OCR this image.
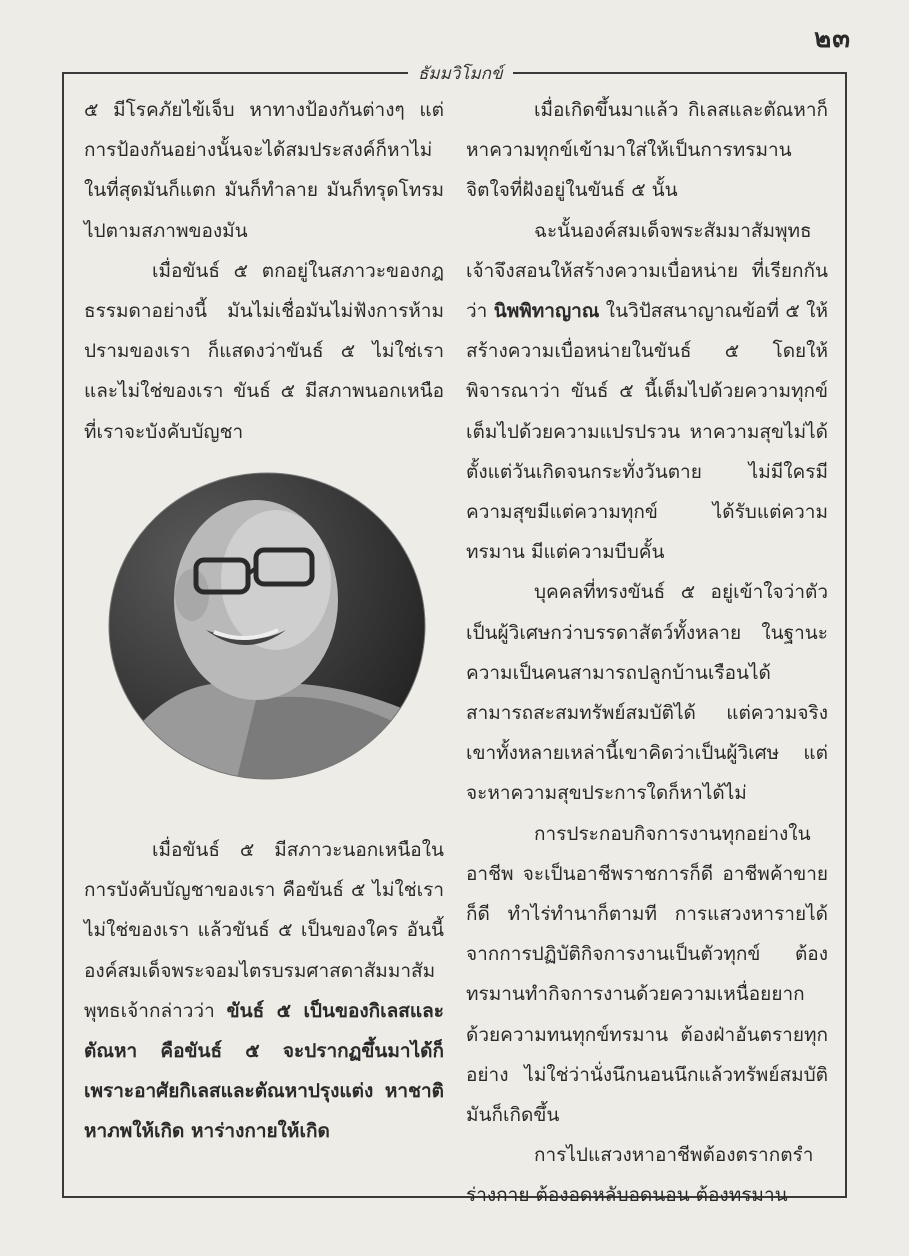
๒๓
ธัมมวิโมกข์

๕ มีโรคภัยไข้เจ็บ หาทางป้องกันต่างๆ แต่การป้องกันอย่างนั้นจะได้สมประสงค์ก็หาไม่ ในที่สุดมันก็แตก มันก็ทำลาย มันก็ทรุดโทรมไปตามสภาพของมัน

เมื่อขันธ์ ๕ ตกอยู่ในสภาวะของกฎธรรมดาอย่างนี้ มันไม่เชื่อมันไม่ฟังการห้ามปรามของเรา ก็แสดงว่าขันธ์ ๕ ไม่ใช่เราและไม่ใช่ของเรา ขันธ์ ๕ มีสภาพนอกเหนือที่เราจะบังคับบัญชา

เมื่อขันธ์ ๕ มีสภาวะนอกเหนือในการบังคับบัญชาของเรา คือขันธ์ ๕ ไม่ใช่เรา ไม่ใช่ของเรา แล้วขันธ์ ๕ เป็นของใคร อันนี้องค์สมเด็จพระจอมไตรบรมศาสดาสัมมาสัมพุทธเจ้ากล่าวว่า ขันธ์ ๕ เป็นของกิเลสและตัณหา คือขันธ์ ๕ จะปรากฏขึ้นมาได้ก็เพราะอาศัยกิเลสและตัณหาปรุงแต่ง หาชาติหาภพให้เกิด หาร่างกายให้เกิด

เมื่อเกิดขึ้นมาแล้ว กิเลสและตัณหาก็หาความทุกข์เข้ามาใส่ให้เป็นการทรมานจิตใจที่ฝังอยู่ในขันธ์ ๕ นั้น

ฉะนั้นองค์สมเด็จพระสัมมาสัมพุทธเจ้าจึงสอนให้สร้างความเบื่อหน่าย ที่เรียกกันว่า นิพพิทาญาณ ในวิปัสสนาญาณข้อที่ ๕ ให้สร้างความเบื่อหน่ายในขันธ์ ๕ โดยให้พิจารณาว่า ขันธ์ ๕ นี้เต็มไปด้วยความทุกข์ เต็มไปด้วยความแปรปรวน หาความสุขไม่ได้ ตั้งแต่วันเกิดจนกระทั่งวันตาย ไม่มีใครมีความสุขมีแต่ความทุกข์ ได้รับแต่ความทรมาน มีแต่ความบีบคั้น

บุคคลที่ทรงขันธ์ ๕ อยู่เข้าใจว่าตัวเป็นผู้วิเศษกว่าบรรดาสัตว์ทั้งหลาย ในฐานะความเป็นคนสามารถปลูกบ้านเรือนได้ สามารถสะสมทรัพย์สมบัติได้ แต่ความจริงเขาทั้งหลายเหล่านี้เขาคิดว่าเป็นผู้วิเศษ แต่จะหาความสุขประการใดก็หาได้ไม่

การประกอบกิจการงานทุกอย่างในอาชีพ จะเป็นอาชีพราชการก็ดี อาชีพค้าขายก็ดี ทำไร่ทำนาก็ตามที การแสวงหารายได้จากการปฏิบัติกิจการงานเป็นตัวทุกข์ ต้องทรมานทำกิจการงานด้วยความเหนื่อยยาก ด้วยความทนทุกข์ทรมาน ต้องฝ่าอันตรายทุกอย่าง ไม่ใช่ว่านั่งนึกนอนนึกแล้วทรัพย์สมบัติมันก็เกิดขึ้น

การไปแสวงหาอาชีพต้องตรากตรำร่างกาย ต้องอดหลับอดนอน ต้องทรมาน
